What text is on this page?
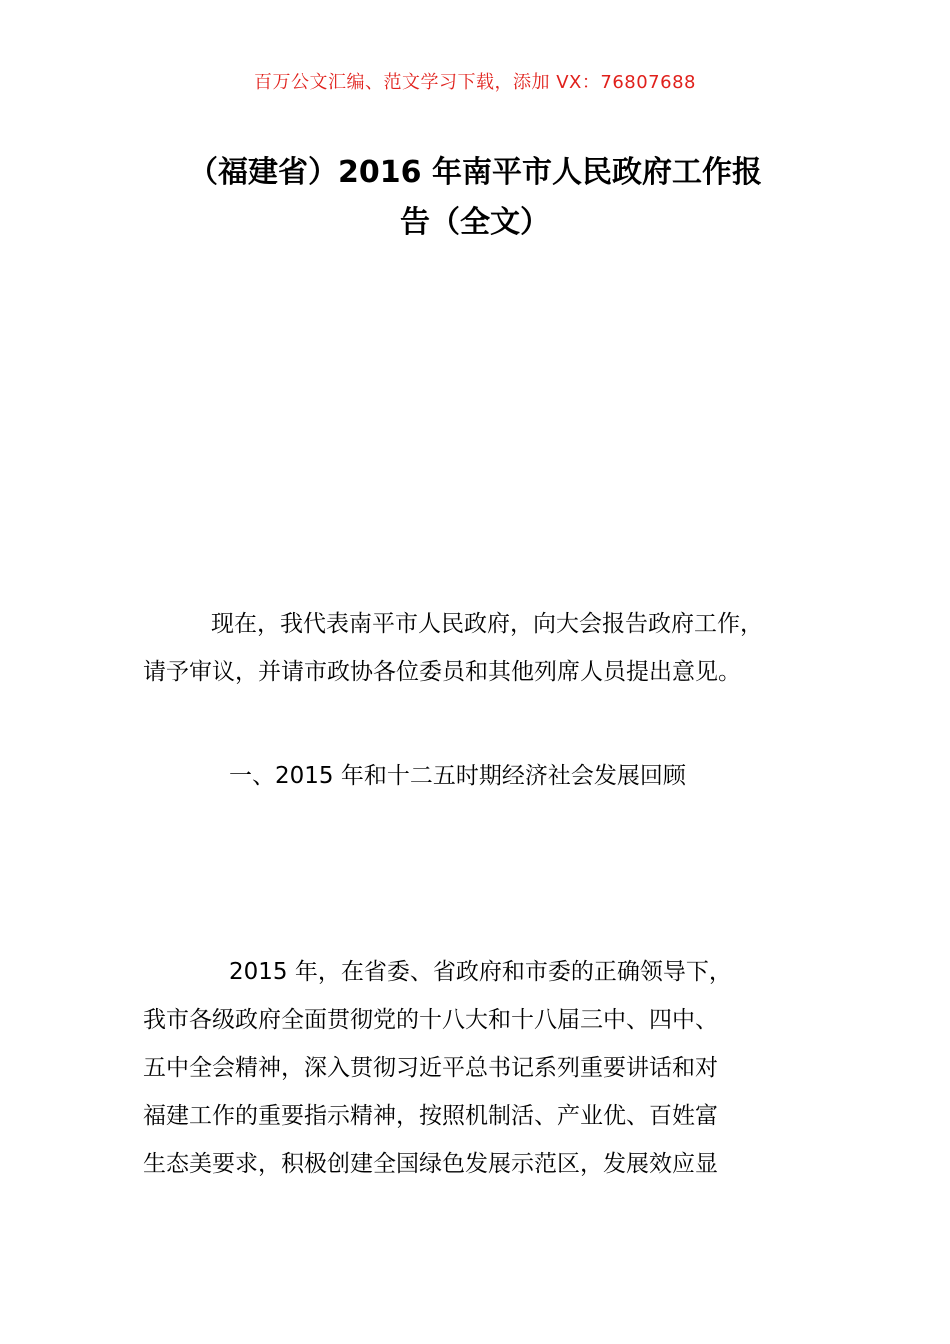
百万公文汇编、范文学习下载，添加 VX：76807688
（福建省）2016 年南平市人民政府工作报
告（全文）

现在，我代表南平市人民政府，向大会报告政府工作，
请予审议，并请市政协各位委员和其他列席人员提出意见。

一、2015 年和十二五时期经济社会发展回顾

2015 年，在省委、省政府和市委的正确领导下，
我市各级政府全面贯彻党的十八大和十八届三中、四中、
五中全会精神，深入贯彻习近平总书记系列重要讲话和对
福建工作的重要指示精神，按照机制活、产业优、百姓富
生态美要求，积极创建全国绿色发展示范区，发展效应显
